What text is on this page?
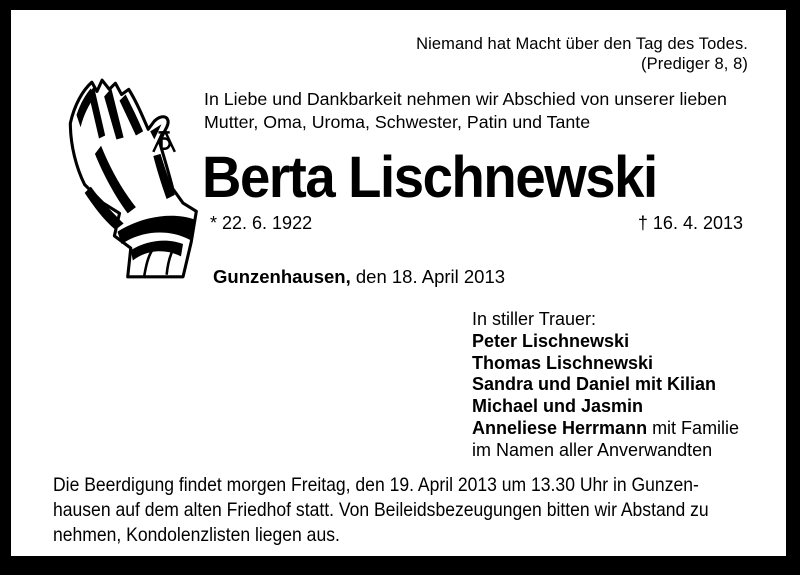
Niemand hat Macht über den Tag des Todes.
(Prediger 8, 8)
In Liebe und Dankbarkeit nehmen wir Abschied von unserer lieben
Mutter, Oma, Uroma, Schwester, Patin und Tante
Berta Lischnewski
* 22. 6. 1922	† 16. 4. 2013
Gunzenhausen, den 18. April 2013
In stiller Trauer:
Peter Lischnewski
Thomas Lischnewski
Sandra und Daniel mit Kilian
Michael und Jasmin
Anneliese Herrmann mit Familie
im Namen aller Anverwandten
Die Beerdigung findet morgen Freitag, den 19. April 2013 um 13.30 Uhr in Gunzen-
hausen auf dem alten Friedhof statt. Von Beileidsbezeugungen bitten wir Abstand zu
nehmen, Kondolenzlisten liegen aus.
